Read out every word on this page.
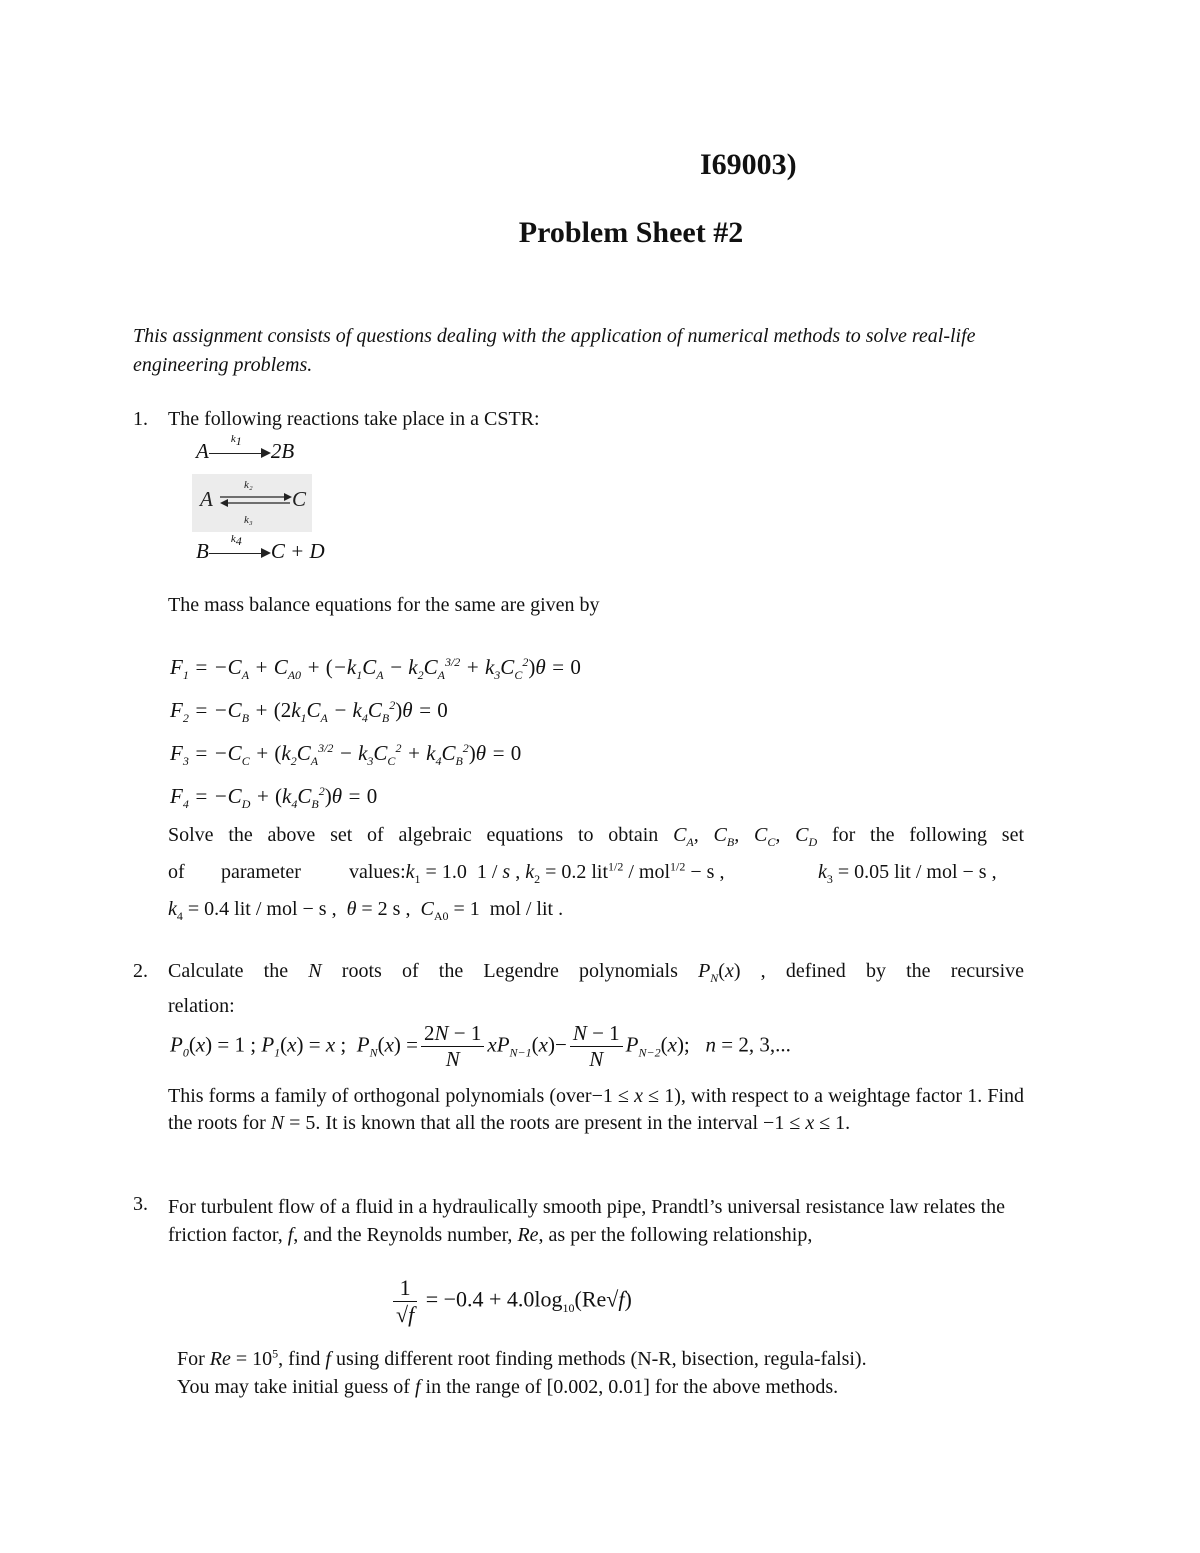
I69003)
Problem Sheet #2
This assignment consists of questions dealing with the application of numerical methods to solve real-life engineering problems.
1. The following reactions take place in a CSTR:
A $k_1$ 2B
A	C
k₂
k₃
B $k_4$ C + D
The mass balance equations for the same are given by
$F_1 = -C_A + C_{A0} + (-k_1C_A - k_2C_A^{3/2} + k_3C_C^2)\theta = 0$
$F_2 = -C_B + (2k_1C_A - k_4C_B^2)\theta = 0$
$F_3 = -C_C + (k_2C_A^{3/2} - k_3C_C^2 + k_4C_B^2)\theta = 0$
$F_4 = -C_D + (k_4C_B^2)\theta = 0$
Solve the above set of algebraic equations to obtain $C_A$, $C_B$, $C_C$, $C_D$ for the following set
of parameter $values:k_1 = 1.0$  1 / s , $k_2 = 0.2$ lit$^{1/2}$ / mol$^{1/2}$ − s ,	$k_3 = 0.05$ lit / mol − s ,
$k_4 = 0.4$ lit / mol − s ,  θ = 2 s ,  $C_{A0} = 1$  mol / lit .
2. Calculate the N roots of the Legendre polynomials $P_N(x)$ , defined by the recursive
relation:
$P_0(x) = 1$ ; $P_1(x) = x$ ;  $P_N(x) = \frac{2N - 1}{N} xP_{N-1}(x)- \frac{N - 1}{N} P_{N-2}(x)$;   n = 2, 3,...
This forms a family of orthogonal polynomials (over−1 ≤ x ≤ 1), with respect to a weightage factor 1. Find the roots for N = 5. It is known that all the roots are present in the interval −1 ≤ x ≤ 1.
3. For turbulent flow of a fluid in a hydraulically smooth pipe, Prandtl’s universal resistance law relates the friction factor, f, and the Reynolds number, Re, as per the following relationship,
$\frac{1}{√f} = -0.4 + 4.0\log_{10}(Re√f)$
For $Re = 10^5$, find f using different root finding methods (N-R, bisection, regula-falsi).
You may take initial guess of f in the range of [0.002, 0.01] for the above methods.
